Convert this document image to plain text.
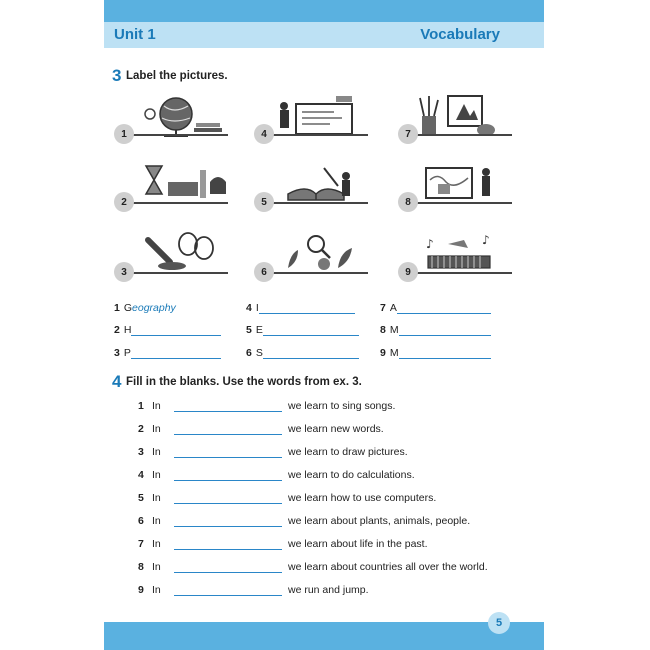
Unit 1	Vocabulary
3 Label the pictures.
1	4	7
2	5	8
3	6
♪	♪
9
1 Geography
2 H
3 P
4 I
5 E
6 S
7 A
8 M
9 M
4 Fill in the blanks. Use the words from ex. 3.
1 In	we learn to sing songs.
2 In	we learn new words.
3 In	we learn to draw pictures.
4 In	we learn to do calculations.
5 In	we learn how to use computers.
6 In	we learn about plants, animals, people.
7 In	we learn about life in the past.
8 In	we learn about countries all over the world.
9 In	we run and jump.
5
